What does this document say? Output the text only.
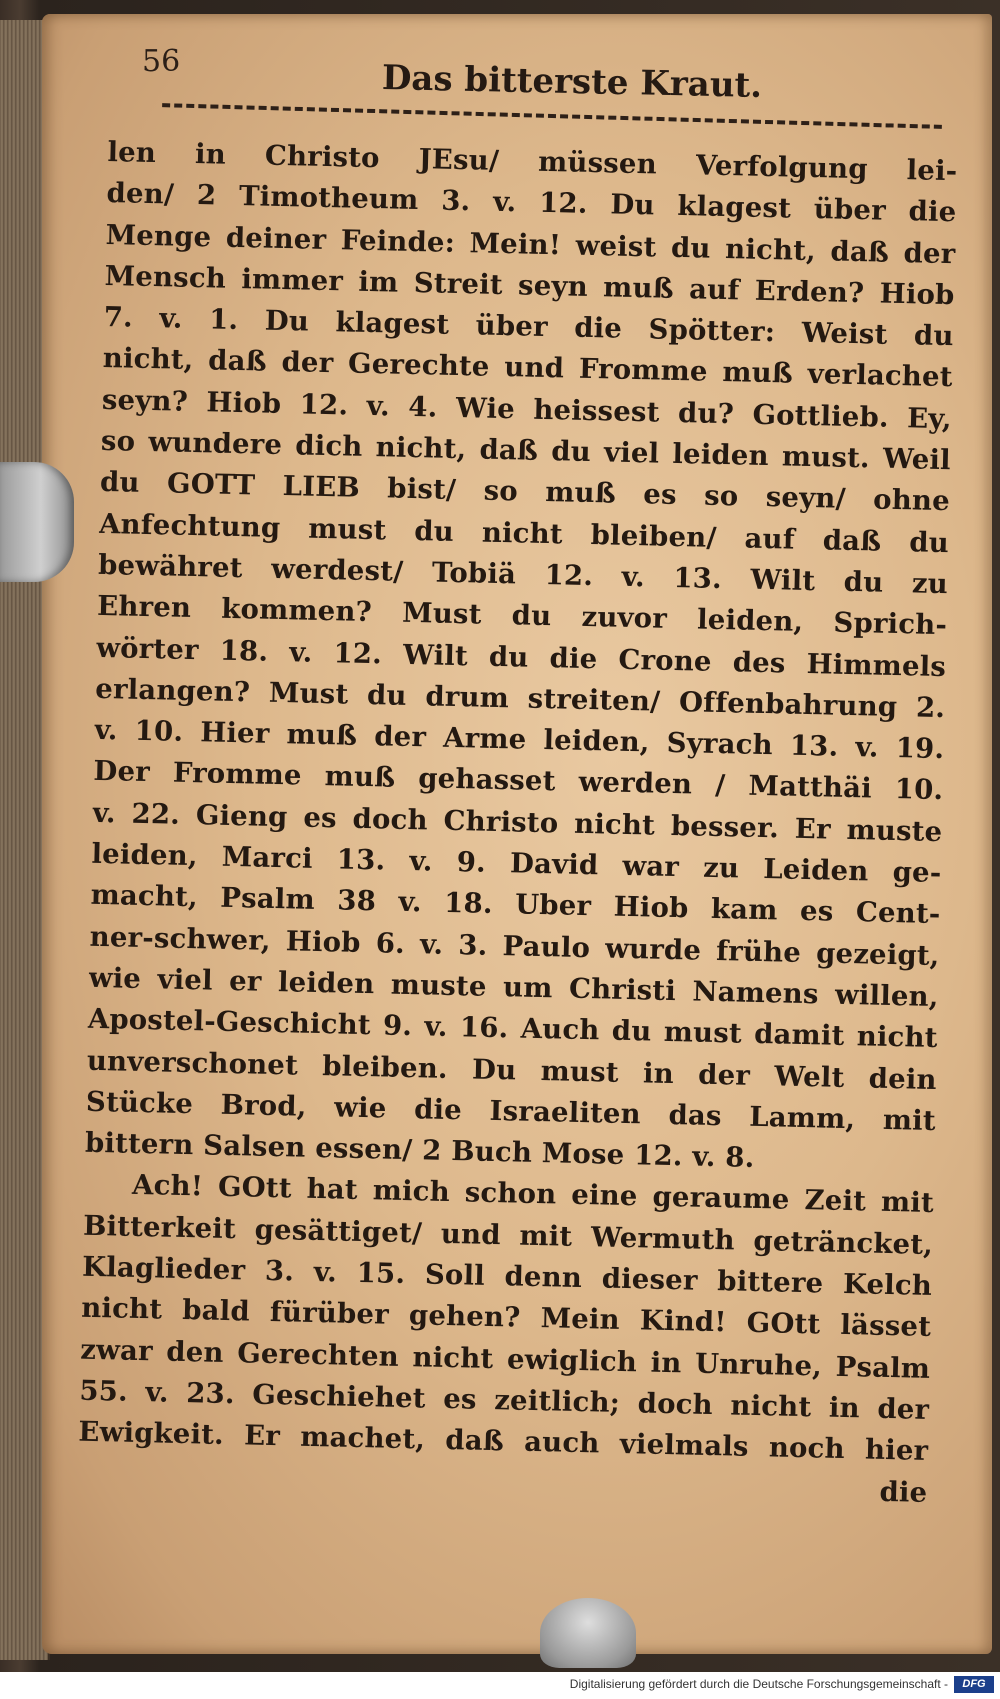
56	Das bitterste Kraut.

len in Christo JEsu/ müssen Verfolgung lei-
den/ 2 Timotheum 3. v. 12. Du klagest über die
Menge deiner Feinde: Mein! weist du nicht, daß der
Mensch immer im Streit seyn muß auf Erden? Hiob
7. v. 1. Du klagest über die Spötter: Weist du
nicht, daß der Gerechte und Fromme muß verlachet
seyn? Hiob 12. v. 4. Wie heissest du? Gottlieb. Ey,
so wundere dich nicht, daß du viel leiden must. Weil
du GOTT LIEB bist/ so muß es so seyn/ ohne
Anfechtung must du nicht bleiben/ auf daß du
bewähret werdest/ Tobiä 12. v. 13. Wilt du zu
Ehren kommen? Must du zuvor leiden, Sprich-
wörter 18. v. 12. Wilt du die Crone des Himmels
erlangen? Must du drum streiten/ Offenbahrung 2.
v. 10. Hier muß der Arme leiden, Syrach 13. v. 19.
Der Fromme muß gehasset werden / Matthäi 10.
v. 22. Gieng es doch Christo nicht besser. Er muste
leiden, Marci 13. v. 9. David war zu Leiden ge-
macht, Psalm 38 v. 18. Uber Hiob kam es Cent-
ner-schwer, Hiob 6. v. 3. Paulo wurde frühe gezeigt,
wie viel er leiden muste um Christi Namens willen,
Apostel-Geschicht 9. v. 16. Auch du must damit nicht
unverschonet bleiben. Du must in der Welt dein
Stücke Brod, wie die Israeliten das Lamm, mit
bittern Salsen essen/ 2 Buch Mose 12. v. 8.
Ach! GOtt hat mich schon eine geraume Zeit mit
Bitterkeit gesättiget/ und mit Wermuth geträncket,
Klaglieder 3. v. 15. Soll denn dieser bittere Kelch
nicht bald fürüber gehen? Mein Kind! GOtt lässet
zwar den Gerechten nicht ewiglich in Unruhe, Psalm
55. v. 23. Geschiehet es zeitlich; doch nicht in der
Ewigkeit. Er machet, daß auch vielmals noch hier
die

Digitalisierung gefördert durch die Deutsche Forschungsgemeinschaft -	DFG
